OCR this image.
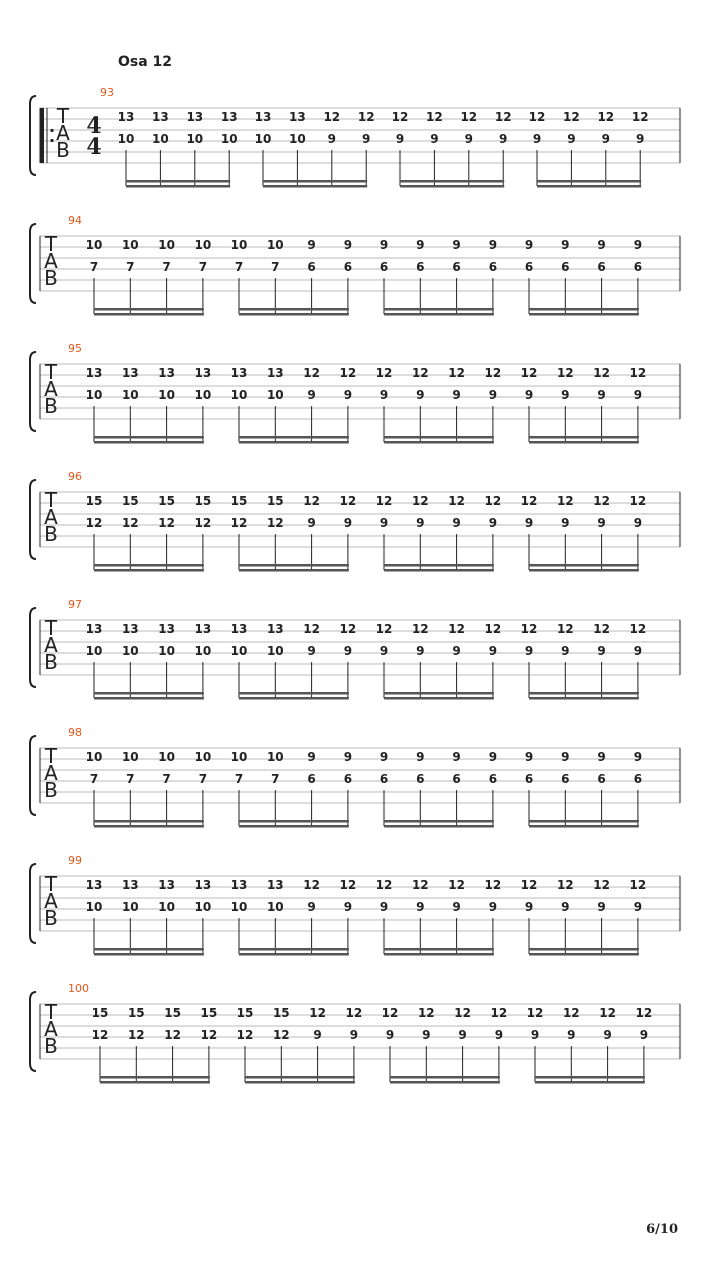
Osa 12
T
A
B
4
4
93
13
10
13
10
13
10
13
10
13
10
13
10
12
9
12
9
12
9
12
9
12
9
12
9
12
9
12
9
12
9
12
9
T
A
B
94
10
7
10
7
10
7
10
7
10
7
10
7
9
6
9
6
9
6
9
6
9
6
9
6
9
6
9
6
9
6
9
6
T
A
B
95
13
10
13
10
13
10
13
10
13
10
13
10
12
9
12
9
12
9
12
9
12
9
12
9
12
9
12
9
12
9
12
9
T
A
B
96
15
12
15
12
15
12
15
12
15
12
15
12
12
9
12
9
12
9
12
9
12
9
12
9
12
9
12
9
12
9
12
9
T
A
B
97
13
10
13
10
13
10
13
10
13
10
13
10
12
9
12
9
12
9
12
9
12
9
12
9
12
9
12
9
12
9
12
9
T
A
B
98
10
7
10
7
10
7
10
7
10
7
10
7
9
6
9
6
9
6
9
6
9
6
9
6
9
6
9
6
9
6
9
6
T
A
B
99
13
10
13
10
13
10
13
10
13
10
13
10
12
9
12
9
12
9
12
9
12
9
12
9
12
9
12
9
12
9
12
9
T
A
B
100
15
12
15
12
15
12
15
12
15
12
15
12
12
9
12
9
12
9
12
9
12
9
12
9
12
9
12
9
12
9
12
9
6/10
